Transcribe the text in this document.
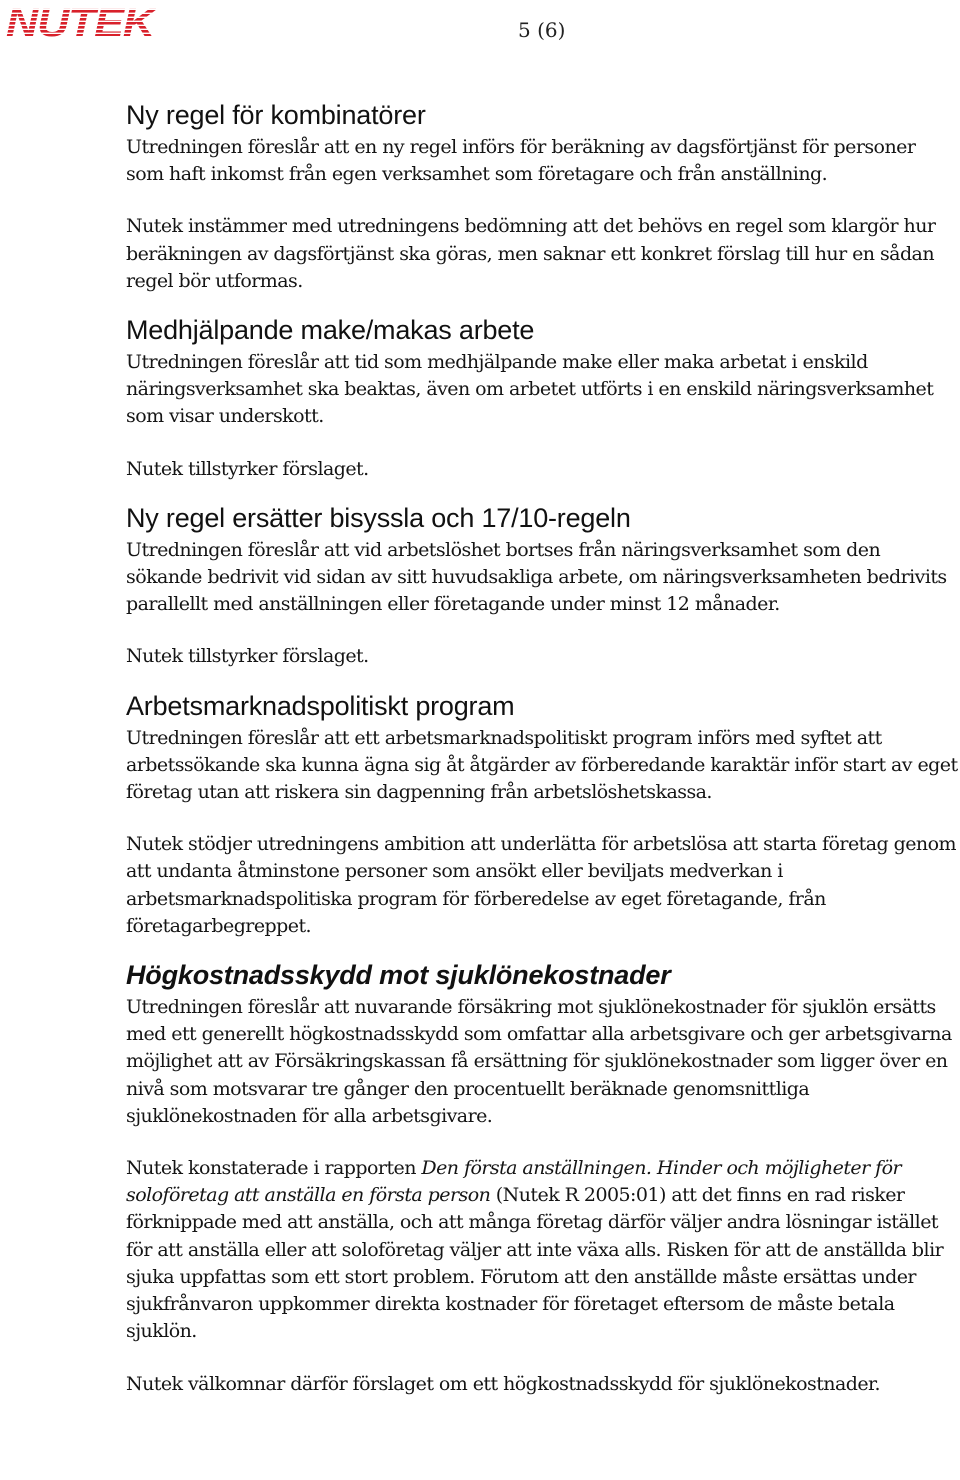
NUTEK	5 (6)
Ny regel för kombinatörer

Utredningen föreslår att en ny regel införs för beräkning av dagsförtjänst för personer som haft inkomst från egen verksamhet som företagare och från anställning.

Nutek instämmer med utredningens bedömning att det behövs en regel som klargör hur beräkningen av dagsförtjänst ska göras, men saknar ett konkret förslag till hur en sådan regel bör utformas.

Medhjälpande make/makas arbete

Utredningen föreslår att tid som medhjälpande make eller maka arbetat i enskild näringsverksamhet ska beaktas, även om arbetet utförts i en enskild näringsverksamhet som visar underskott.

Nutek tillstyrker förslaget.

Ny regel ersätter bisyssla och 17/10-regeln

Utredningen föreslår att vid arbetslöshet bortses från näringsverksamhet som den sökande bedrivit vid sidan av sitt huvudsakliga arbete, om näringsverksamheten bedrivits parallellt med anställningen eller företagande under minst 12 månader.

Nutek tillstyrker förslaget.

Arbetsmarknadspolitiskt program

Utredningen föreslår att ett arbetsmarknadspolitiskt program införs med syftet att arbetssökande ska kunna ägna sig åt åtgärder av förberedande karaktär inför start av eget företag utan att riskera sin dagpenning från arbetslöshetskassa.

Nutek stödjer utredningens ambition att underlätta för arbetslösa att starta företag genom att undanta åtminstone personer som ansökt eller beviljats medverkan i arbetsmarknadspolitiska program för förberedelse av eget företagande, från företagarbegreppet.

Högkostnadsskydd mot sjuklönekostnader

Utredningen föreslår att nuvarande försäkring mot sjuklönekostnader för sjuklön ersätts med ett generellt högkostnadsskydd som omfattar alla arbetsgivare och ger arbetsgivarna möjlighet att av Försäkringskassan få ersättning för sjuklönekostnader som ligger över en nivå som motsvarar tre gånger den procentuellt beräknade genomsnittliga sjuklönekostnaden för alla arbetsgivare.

Nutek konstaterade i rapporten Den första anställningen. Hinder och möjligheter för soloföretag att anställa en första person (Nutek R 2005:01) att det finns en rad risker förknippade med att anställa, och att många företag därför väljer andra lösningar istället för att anställa eller att soloföretag väljer att inte växa alls. Risken för att de anställda blir sjuka uppfattas som ett stort problem. Förutom att den anställde måste ersättas under sjukfrånvaron uppkommer direkta kostnader för företaget eftersom de måste betala sjuklön.

Nutek välkomnar därför förslaget om ett högkostnadsskydd för sjuklönekostnader.
